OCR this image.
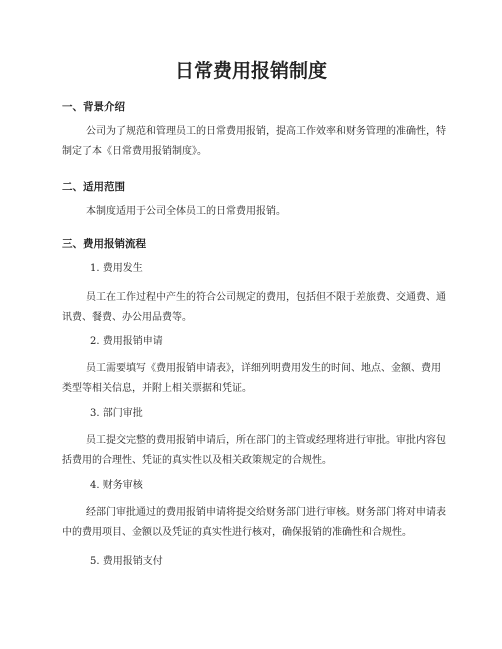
日常费用报销制度
一、背景介绍

公司为了规范和管理员工的日常费用报销，提高工作效率和财务管理的准确性，特制定了本《日常费用报销制度》。

二、适用范围

本制度适用于公司全体员工的日常费用报销。

三、费用报销流程

1. 费用发生

员工在工作过程中产生的符合公司规定的费用，包括但不限于差旅费、交通费、通讯费、餐费、办公用品费等。

2. 费用报销申请

员工需要填写《费用报销申请表》，详细列明费用发生的时间、地点、金额、费用类型等相关信息，并附上相关票据和凭证。

3. 部门审批

员工提交完整的费用报销申请后，所在部门的主管或经理将进行审批。审批内容包括费用的合理性、凭证的真实性以及相关政策规定的合规性。

4. 财务审核

经部门审批通过的费用报销申请将提交给财务部门进行审核。财务部门将对申请表中的费用项目、金额以及凭证的真实性进行核对，确保报销的准确性和合规性。

5. 费用报销支付
